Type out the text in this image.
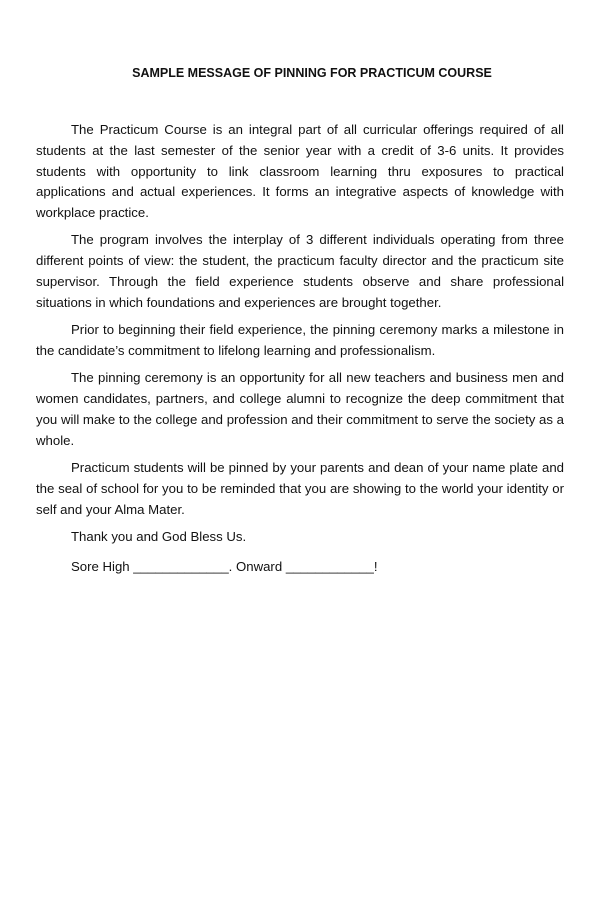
SAMPLE MESSAGE OF PINNING FOR PRACTICUM COURSE

The Practicum Course is an integral part of all curricular offerings required of all students at the last semester of the senior year with a credit of 3-6 units. It provides students with opportunity to link classroom learning thru exposures to practical applications and actual experiences. It forms an integrative aspects of knowledge with workplace practice.

The program involves the interplay of 3 different individuals operating from three different points of view: the student, the practicum faculty director and the practicum site supervisor. Through the field experience students observe and share professional situations in which foundations and experiences are brought together.

Prior to beginning their field experience, the pinning ceremony marks a milestone in the candidate’s commitment to lifelong learning and professionalism.

The pinning ceremony is an opportunity for all new teachers and business men and women candidates, partners, and college alumni to recognize the deep commitment that you will make to the college and profession and their commitment to serve the society as a whole.

Practicum students will be pinned by your parents and dean of your name plate and the seal of school for you to be reminded that you are showing to the world your identity or self and your Alma Mater.

Thank you and God Bless Us.

Sore High _____________. Onward ____________!
